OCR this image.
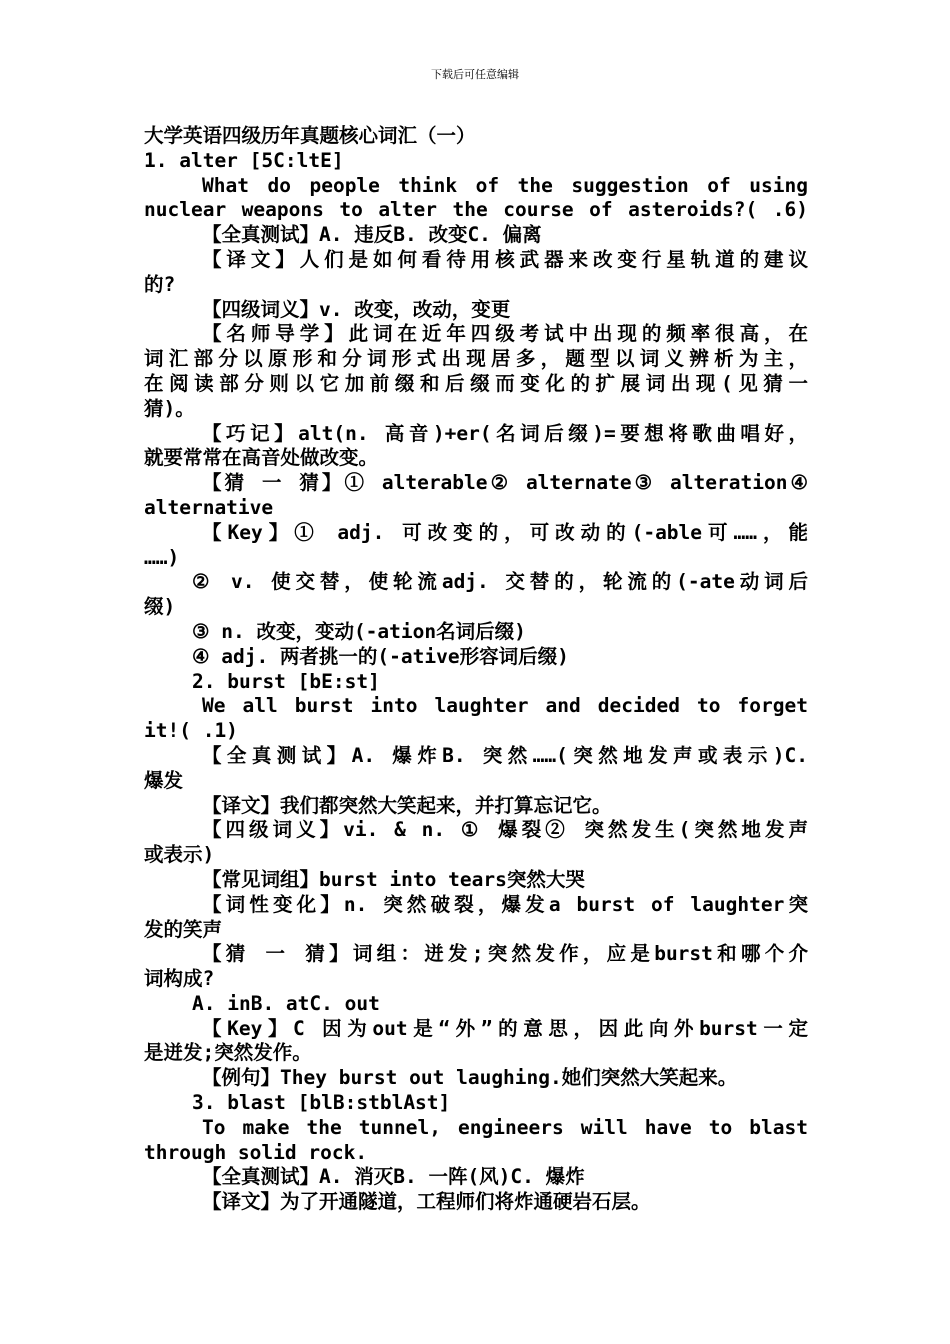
下载后可任意编辑
大学英语四级历年真题核心词汇（一）
1. alter [5C:ltE]
What do people think of the suggestion of using
nuclear weapons to alter the course of asteroids?( .6)
【全真测试】A. 违反B. 改变C. 偏离
【译文】人们是如何看待用核武器来改变行星轨道的建议
的?
【四级词义】v. 改变，改动，变更
【名师导学】此词在近年四级考试中出现的频率很高，在
词汇部分以原形和分词形式出现居多，题型以词义辨析为主，
在阅读部分则以它加前缀和后缀而变化的扩展词出现(见猜一
猜)。
【巧记】alt(n. 高音)+er(名词后缀)=要想将歌曲唱好，
就要常常在高音处做改变。
【猜 一 猜】① alterable② alternate③ alteration④
alternative
【Key】① adj. 可改变的，可改动的(-able可……，能
……)
② v. 使交替，使轮流adj. 交替的，轮流的(-ate动词后
缀)
③ n. 改变，变动(-ation名词后缀)
④ adj. 两者挑一的(-ative形容词后缀)
2. burst [bE:st]
We all burst into laughter and decided to forget
it!( .1)
【全真测试】A. 爆炸B. 突然……(突然地发声或表示)C.
爆发
【译文】我们都突然大笑起来，并打算忘记它。
【四级词义】vi. & n. ① 爆裂② 突然发生(突然地发声
或表示)
【常见词组】burst into tears突然大哭
【词性变化】n. 突然破裂，爆发a burst of laughter突
发的笑声
【猜 一 猜】词组：迸发;突然发作，应是burst和哪个介
词构成?
A. inB. atC. out
【Key】C 因为out是“外”的意思，因此向外burst一定
是迸发;突然发作。
【例句】They burst out laughing.她们突然大笑起来。
3. blast [blB:stblAst]
To make the tunnel, engineers will have to blast
through solid rock.
【全真测试】A. 消灭B. 一阵(风)C. 爆炸
【译文】为了开通隧道，工程师们将炸通硬岩石层。
